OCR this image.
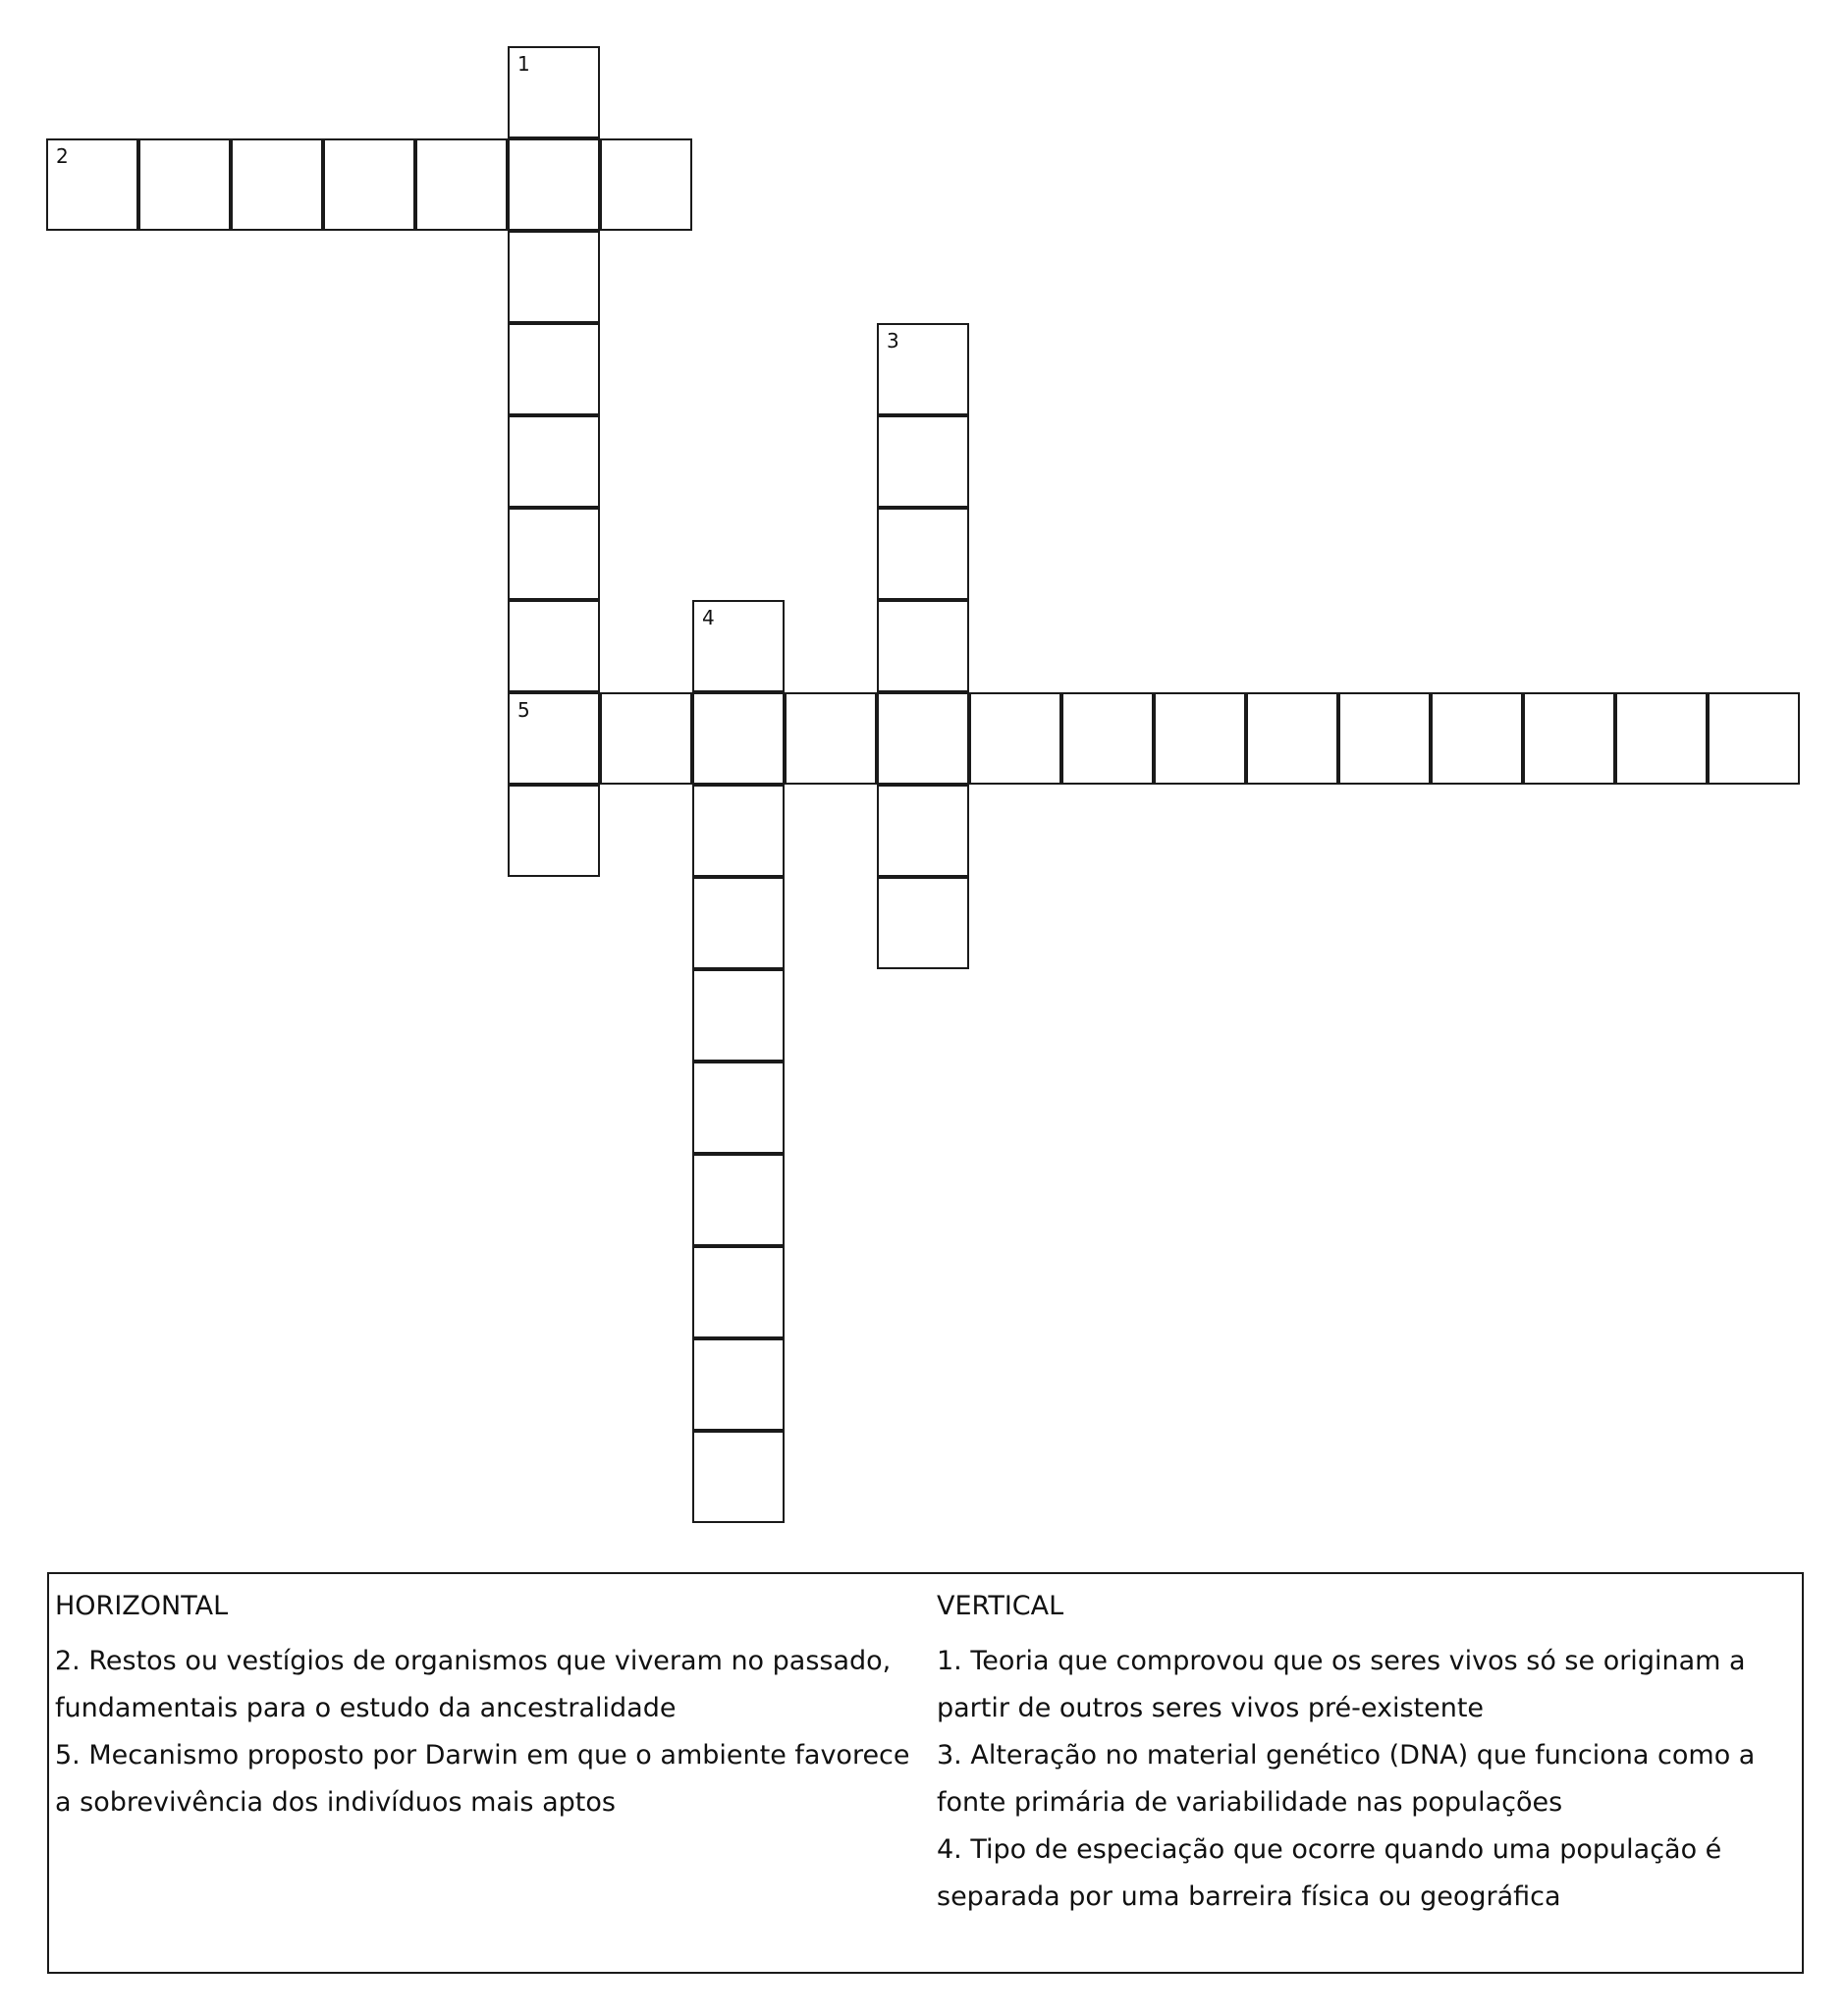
1
5
2
3
4
HORIZONTAL
2. Restos ou vestígios de organismos que viveram no passado, fundamentais para o estudo da ancestralidade
5. Mecanismo proposto por Darwin em que o ambiente favorece a sobrevivência dos indivíduos mais aptos
VERTICAL
1. Teoria que comprovou que os seres vivos só se originam a partir de outros seres vivos pré-existente
3. Alteração no material genético (DNA) que funciona como a fonte primária de variabilidade nas populações
4. Tipo de especiação que ocorre quando uma população é separada por uma barreira física ou geográfica
